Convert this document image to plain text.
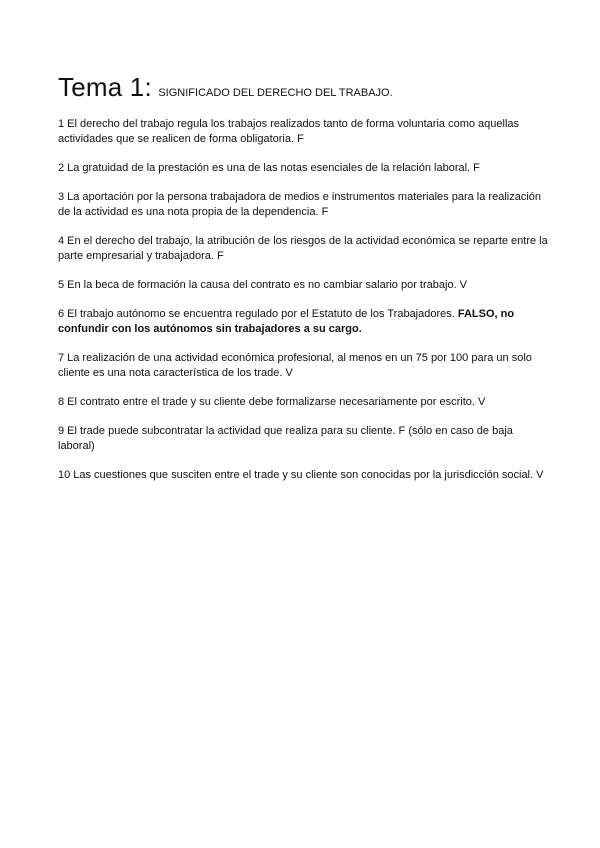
Tema 1: SIGNIFICADO DEL DERECHO DEL TRABAJO.

1 El derecho del trabajo regula los trabajos realizados tanto de forma voluntaria como aquellas actividades que se realicen de forma obligatoria. F

2 La gratuidad de la prestación es una de las notas esenciales de la relación laboral. F

3 La aportación por la persona trabajadora de medios e instrumentos materiales para la realización de la actividad es una nota propia de la dependencia. F

4 En el derecho del trabajo, la atribución de los riesgos de la actividad económica se reparte entre la parte empresarial y trabajadora. F

5 En la beca de formación la causa del contrato es no cambiar salario por trabajo. V

6 El trabajo autónomo se encuentra regulado por el Estatuto de los Trabajadores. FALSO, no confundir con los autónomos sin trabajadores a su cargo.

7 La realización de una actividad económica profesional, al menos en un 75 por 100 para un solo cliente es una nota característica de los trade. V

8 El contrato entre el trade y su cliente debe formalizarse necesariamente por escrito. V

9 El trade puede subcontratar la actividad que realiza para su cliente. F (sólo en caso de baja laboral)

10 Las cuestiones que susciten entre el trade y su cliente son conocidas por la jurisdicción social. V
